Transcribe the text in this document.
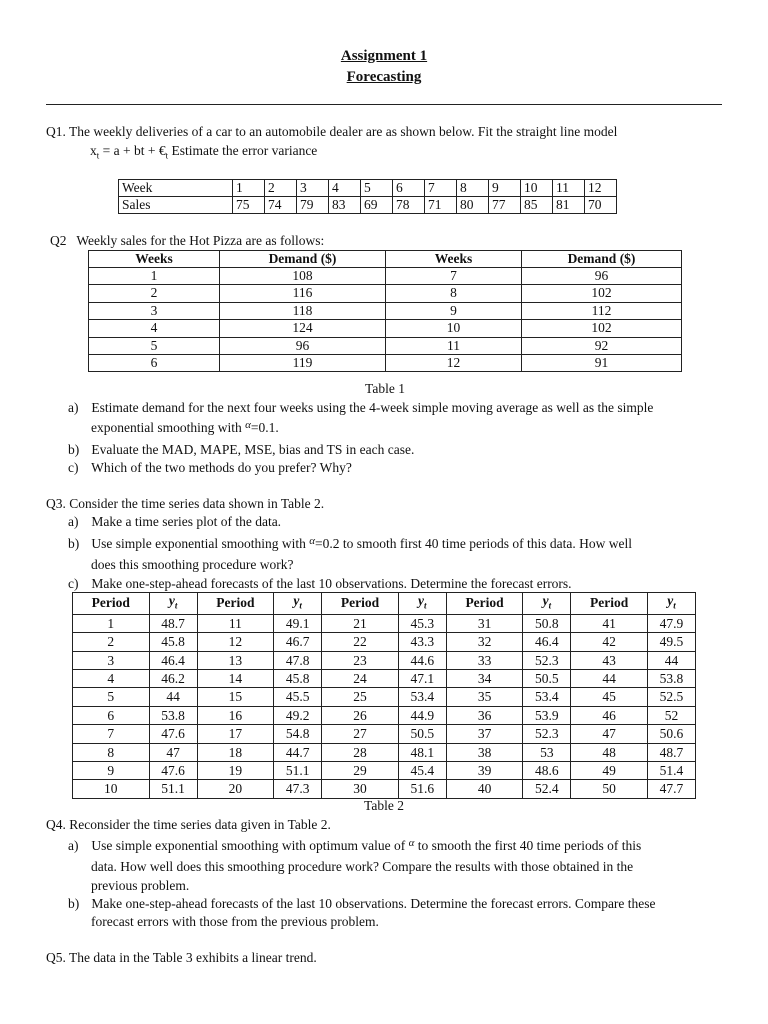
Assignment 1
Forecasting
Q1. The weekly deliveries of a car to an automobile dealer are as shown below. Fit the straight line model
$x_t = a$ + bt + $€_t$ Estimate the error variance
Week	1	2	3	4	5	6	7	8	9	10	11	12
Sales	75	74	79	83	69	78	71	80	77	85	81	70
Q2   Weekly sales for the Hot Pizza are as follows:
Weeks	Demand ($)	Weeks	Demand ($)
1	108	7	96
2	116	8	102
3	118	9	112
4	124	10	102
5	96	11	92
6	119	12	91
Table 1
a) Estimate demand for the next four weeks using the 4-week simple moving average as well as the simple
exponential smoothing with $^\alpha$=0.1.
b) Evaluate the MAD, MAPE, MSE, bias and TS in each case.
c) Which of the two methods do you prefer? Why?
Q3. Consider the time series data shown in Table 2.
a) Make a time series plot of the data.
b) Use simple exponential smoothing with $^\alpha$=0.2 to smooth first 40 time periods of this data. How well
does this smoothing procedure work?
c) Make one-step-ahead forecasts of the last 10 observations. Determine the forecast errors.
Period	$y_t$	Period	$y_t$	Period	$y_t$	Period	$y_t$	Period	$y_t$
1	48.7	11	49.1	21	45.3	31	50.8	41	47.9
2	45.8	12	46.7	22	43.3	32	46.4	42	49.5
3	46.4	13	47.8	23	44.6	33	52.3	43	44
4	46.2	14	45.8	24	47.1	34	50.5	44	53.8
5	44	15	45.5	25	53.4	35	53.4	45	52.5
6	53.8	16	49.2	26	44.9	36	53.9	46	52
7	47.6	17	54.8	27	50.5	37	52.3	47	50.6
8	47	18	44.7	28	48.1	38	53	48	48.7
9	47.6	19	51.1	29	45.4	39	48.6	49	51.4
10	51.1	20	47.3	30	51.6	40	52.4	50	47.7
Table 2
Q4. Reconsider the time series data given in Table 2.
a) Use simple exponential smoothing with optimum value of $^\alpha$ to smooth the first 40 time periods of this
data. How well does this smoothing procedure work? Compare the results with those obtained in the
previous problem.
b) Make one-step-ahead forecasts of the last 10 observations. Determine the forecast errors. Compare these
forecast errors with those from the previous problem.
Q5. The data in the Table 3 exhibits a linear trend.
